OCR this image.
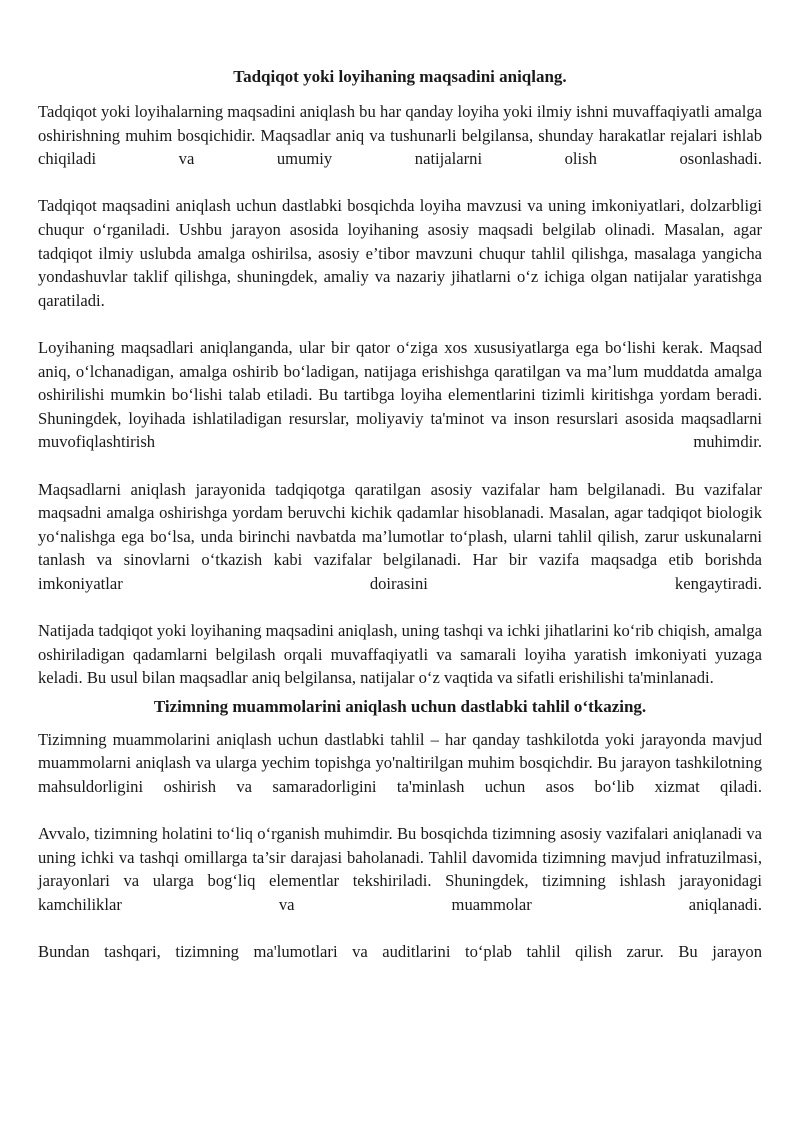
Tadqiqot yoki loyihaning maqsadini aniqlang.

Tadqiqot yoki loyihalarning maqsadini aniqlash bu har qanday loyiha yoki ilmiy ishni muvaffaqiyatli amalga oshirishning muhim bosqichidir. Maqsadlar aniq va tushunarli belgilansa, shunday harakatlar rejalari ishlab chiqiladi va umumiy natijalarni olish osonlashadi.

Tadqiqot maqsadini aniqlash uchun dastlabki bosqichda loyiha mavzusi va uning imkoniyatlari, dolzarbligi chuqur o‘rganiladi. Ushbu jarayon asosida loyihaning asosiy maqsadi belgilab olinadi. Masalan, agar tadqiqot ilmiy uslubda amalga oshirilsa, asosiy e’tibor mavzuni chuqur tahlil qilishga, masalaga yangicha yondashuvlar taklif qilishga, shuningdek, amaliy va nazariy jihatlarni o‘z ichiga olgan natijalar yaratishga qaratiladi.

Loyihaning maqsadlari aniqlanganda, ular bir qator o‘ziga xos xususiyatlarga ega bo‘lishi kerak. Maqsad aniq, o‘lchanadigan, amalga oshirib bo‘ladigan, natijaga erishishga qaratilgan va ma’lum muddatda amalga oshirilishi mumkin bo‘lishi talab etiladi. Bu tartibga loyiha elementlarini tizimli kiritishga yordam beradi. Shuningdek, loyihada ishlatiladigan resurslar, moliyaviy ta'minot va inson resurslari asosida maqsadlarni muvofiqlashtirish muhimdir.

Maqsadlarni aniqlash jarayonida tadqiqotga qaratilgan asosiy vazifalar ham belgilanadi. Bu vazifalar maqsadni amalga oshirishga yordam beruvchi kichik qadamlar hisoblanadi. Masalan, agar tadqiqot biologik yo‘nalishga ega bo‘lsa, unda birinchi navbatda ma’lumotlar to‘plash, ularni tahlil qilish, zarur uskunalarni tanlash va sinovlarni o‘tkazish kabi vazifalar belgilanadi. Har bir vazifa maqsadga etib borishda imkoniyatlar doirasini kengaytiradi.

Natijada tadqiqot yoki loyihaning maqsadini aniqlash, uning tashqi va ichki jihatlarini ko‘rib chiqish, amalga oshiriladigan qadamlarni belgilash orqali muvaffaqiyatli va samarali loyiha yaratish imkoniyati yuzaga keladi. Bu usul bilan maqsadlar aniq belgilansa, natijalar o‘z vaqtida va sifatli erishilishi ta'minlanadi.

Tizimning muammolarini aniqlash uchun dastlabki tahlil o‘tkazing.

Tizimning muammolarini aniqlash uchun dastlabki tahlil – har qanday tashkilotda yoki jarayonda mavjud muammolarni aniqlash va ularga yechim topishga yo'naltirilgan muhim bosqichdir. Bu jarayon tashkilotning mahsuldorligini oshirish va samaradorligini ta'minlash uchun asos bo‘lib xizmat qiladi.

Avvalo, tizimning holatini to‘liq o‘rganish muhimdir. Bu bosqichda tizimning asosiy vazifalari aniqlanadi va uning ichki va tashqi omillarga ta’sir darajasi baholanadi. Tahlil davomida tizimning mavjud infratuzilmasi, jarayonlari va ularga bog‘liq elementlar tekshiriladi. Shuningdek, tizimning ishlash jarayonidagi kamchiliklar va muammolar aniqlanadi.

Bundan tashqari, tizimning ma'lumotlari va auditlarini to‘plab tahlil qilish zarur. Bu jarayon
